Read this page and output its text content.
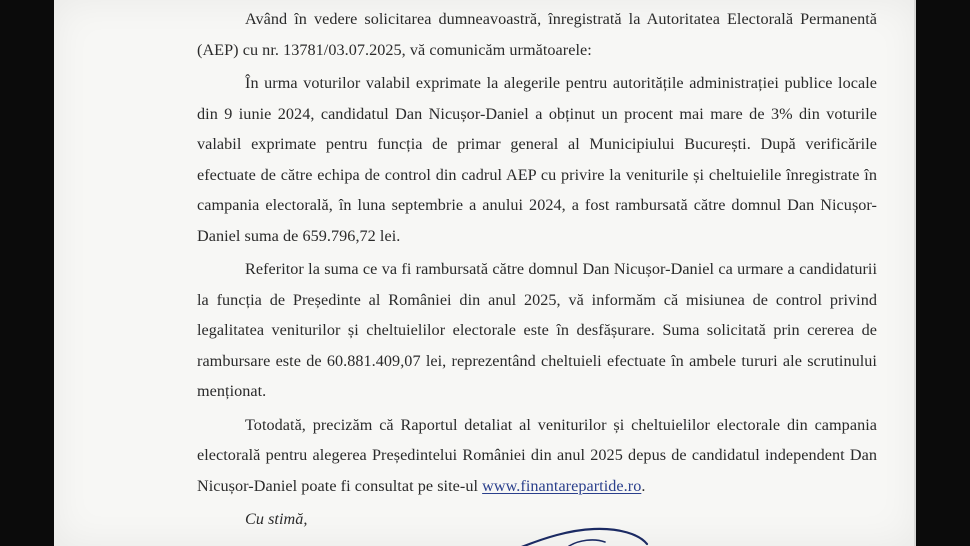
Având în vedere solicitarea dumneavoastră, înregistrată la Autoritatea Electorală Permanentă (AEP) cu nr. 13781/03.07.2025, vă comunicăm următoarele:

În urma voturilor valabil exprimate la alegerile pentru autoritățile administrației publice locale din 9 iunie 2024, candidatul Dan Nicușor-Daniel a obținut un procent mai mare de 3% din voturile valabil exprimate pentru funcția de primar general al Municipiului București. După verificările efectuate de către echipa de control din cadrul AEP cu privire la veniturile și cheltuielile înregistrate în campania electorală, în luna septembrie a anului 2024, a fost rambursată către domnul Dan Nicușor-Daniel suma de 659.796,72 lei.

Referitor la suma ce va fi rambursată către domnul Dan Nicușor-Daniel ca urmare a candidaturii la funcția de Președinte al României din anul 2025, vă informăm că misiunea de control privind legalitatea veniturilor și cheltuielilor electorale este în desfășurare. Suma solicitată prin cererea de rambursare este de 60.881.409,07 lei, reprezentând cheltuieli efectuate în ambele tururi ale scrutinului menționat.

Totodată, precizăm că Raportul detaliat al veniturilor și cheltuielilor electorale din campania electorală pentru alegerea Președintelui României din anul 2025 depus de candidatul independent Dan Nicușor-Daniel poate fi consultat pe site-ul www.finantarepartide.ro.

Cu stimă,
